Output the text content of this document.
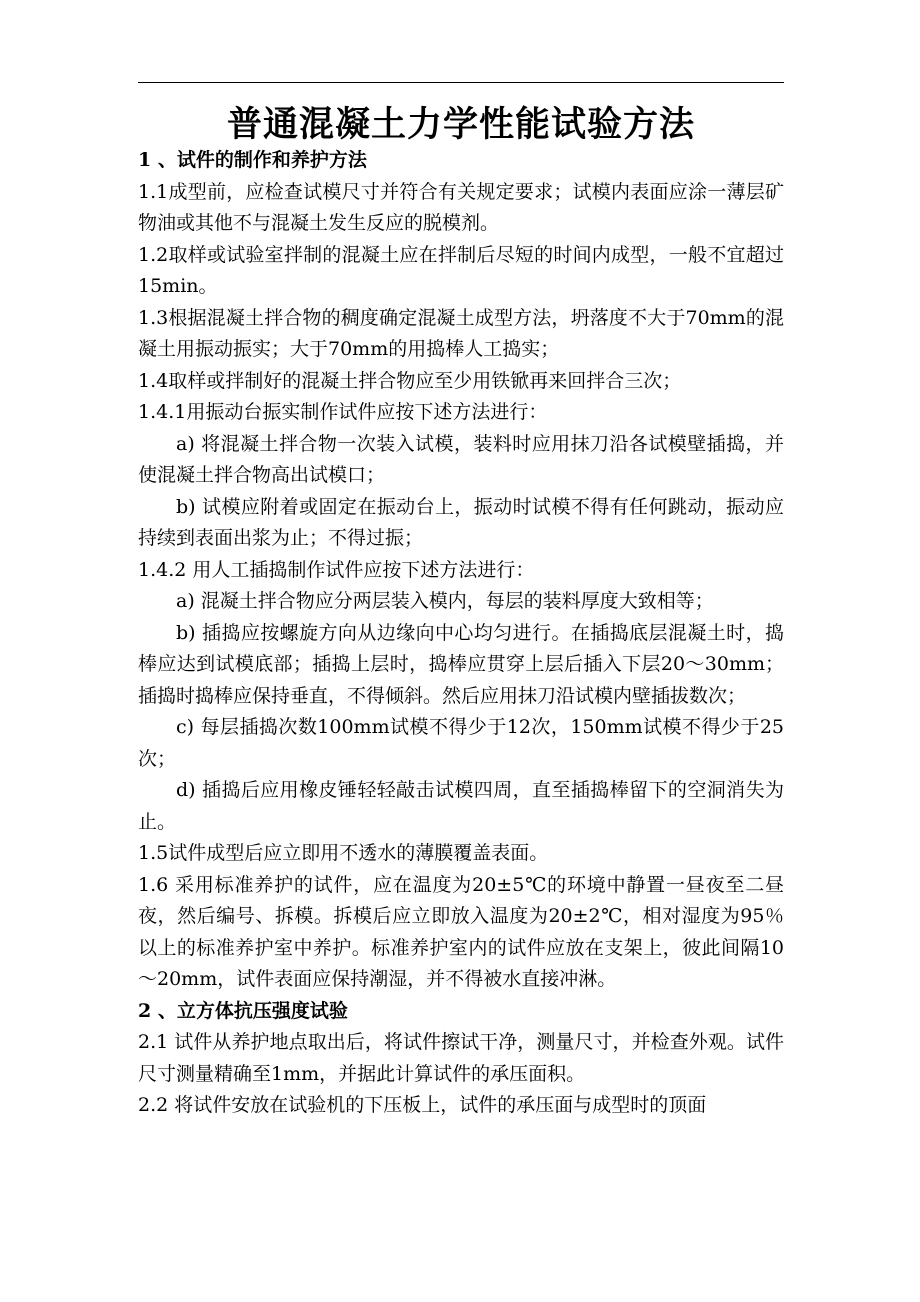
普通混凝土力学性能试验方法

1 、试件的制作和养护方法

1.1成型前，应检查试模尺寸并符合有关规定要求；试模内表面应涂一薄层矿物油或其他不与混凝土发生反应的脱模剂。

1.2取样或试验室拌制的混凝土应在拌制后尽短的时间内成型，一般不宜超过15min。

1.3根据混凝土拌合物的稠度确定混凝土成型方法，坍落度不大于70mm的混凝土用振动振实；大于70mm的用捣棒人工捣实；

1.4取样或拌制好的混凝土拌合物应至少用铁锨再来回拌合三次；

1.4.1用振动台振实制作试件应按下述方法进行：

a) 将混凝土拌合物一次装入试模，装料时应用抹刀沿各试模壁插捣，并使混凝土拌合物高出试模口；

b) 试模应附着或固定在振动台上，振动时试模不得有任何跳动，振动应持续到表面出浆为止；不得过振；

1.4.2 用人工插捣制作试件应按下述方法进行：

a) 混凝土拌合物应分两层装入模内，每层的装料厚度大致相等；

b) 插捣应按螺旋方向从边缘向中心均匀进行。在插捣底层混凝土时，捣棒应达到试模底部；插捣上层时，捣棒应贯穿上层后插入下层20～30mm；插捣时捣棒应保持垂直，不得倾斜。然后应用抹刀沿试模内壁插拔数次；

c) 每层插捣次数100mm试模不得少于12次，150mm试模不得少于25次；

d) 插捣后应用橡皮锤轻轻敲击试模四周，直至插捣棒留下的空洞消失为止。

1.5试件成型后应立即用不透水的薄膜覆盖表面。

1.6 采用标准养护的试件，应在温度为20±5℃的环境中静置一昼夜至二昼夜，然后编号、拆模。拆模后应立即放入温度为20±2℃，相对湿度为95％以上的标准养护室中养护。标准养护室内的试件应放在支架上，彼此间隔10～20mm，试件表面应保持潮湿，并不得被水直接冲淋。

2 、立方体抗压强度试验

2.1 试件从养护地点取出后，将试件擦试干净，测量尺寸，并检查外观。试件尺寸测量精确至1mm，并据此计算试件的承压面积。

2.2 将试件安放在试验机的下压板上，试件的承压面与成型时的顶面
